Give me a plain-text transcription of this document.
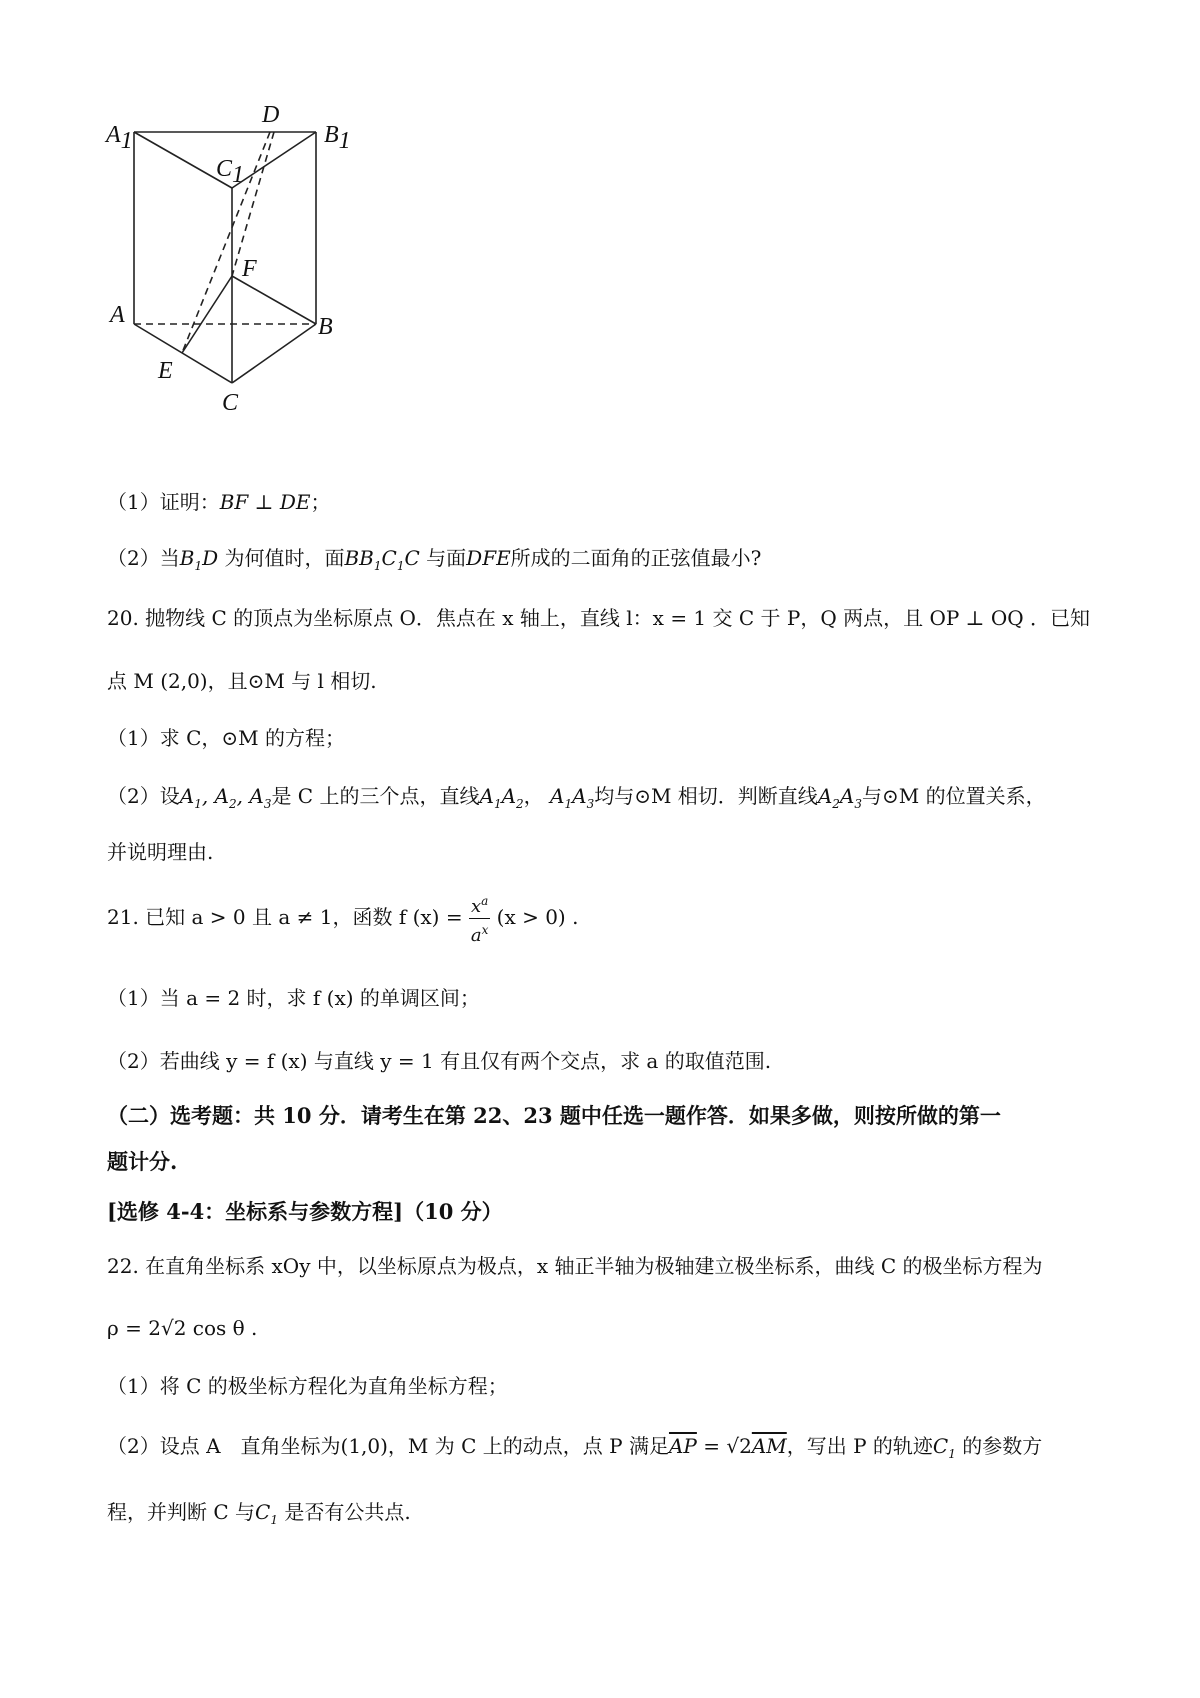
A1
D
B1
C1
F
A	B
E
C
（1）证明：BF ⊥ DE；
（2）当$B_1D$ 为何值时，面$BB_1C_1C$ 与面DFE所成的二面角的正弦值最小?
20. 抛物线 C 的顶点为坐标原点 O．焦点在 x 轴上，直线 l：x = 1 交 C 于 P，Q 两点，且 OP ⊥ OQ ．已知
点 M (2,0)，且⊙M 与 l 相切.
（1）求 C，⊙M 的方程；
（2）设$A_1$, $A_2$, $A_3$是 C 上的三个点，直线$A_1A_2$， $A_1A_3$均与⊙M 相切．判断直线$A_2A_3$与⊙M 的位置关系，
并说明理由.
21. 已知 a > 0 且 a ≠ 1，函数 f $(x) = \frac{x^a}{a^x} (x > 0)$ .
（1）当 a = 2 时，求 f (x) 的单调区间；
（2）若曲线 y = f (x) 与直线 y = 1 有且仅有两个交点，求 a 的取值范围.
（二）选考题：共 10 分．请考生在第 22、23 题中任选一题作答．如果多做，则按所做的第一
题计分.
[选修 4-4：坐标系与参数方程]（10 分）
22. 在直角坐标系 xOy 中，以坐标原点为极点，x 轴正半轴为极轴建立极坐标系，曲线 C 的极坐标方程为
ρ = 2√2 cos θ .
（1）将 C 的极坐标方程化为直角坐标方程；
（2）设点 A　直角坐标为(1,0)，M 为 C 上的动点，点 P 满足$\overline{AP} = √2\overline{AM}$，写出 P 的轨迹$C_1$ 的参数方
程，并判断 C 与$C_1$ 是否有公共点.
